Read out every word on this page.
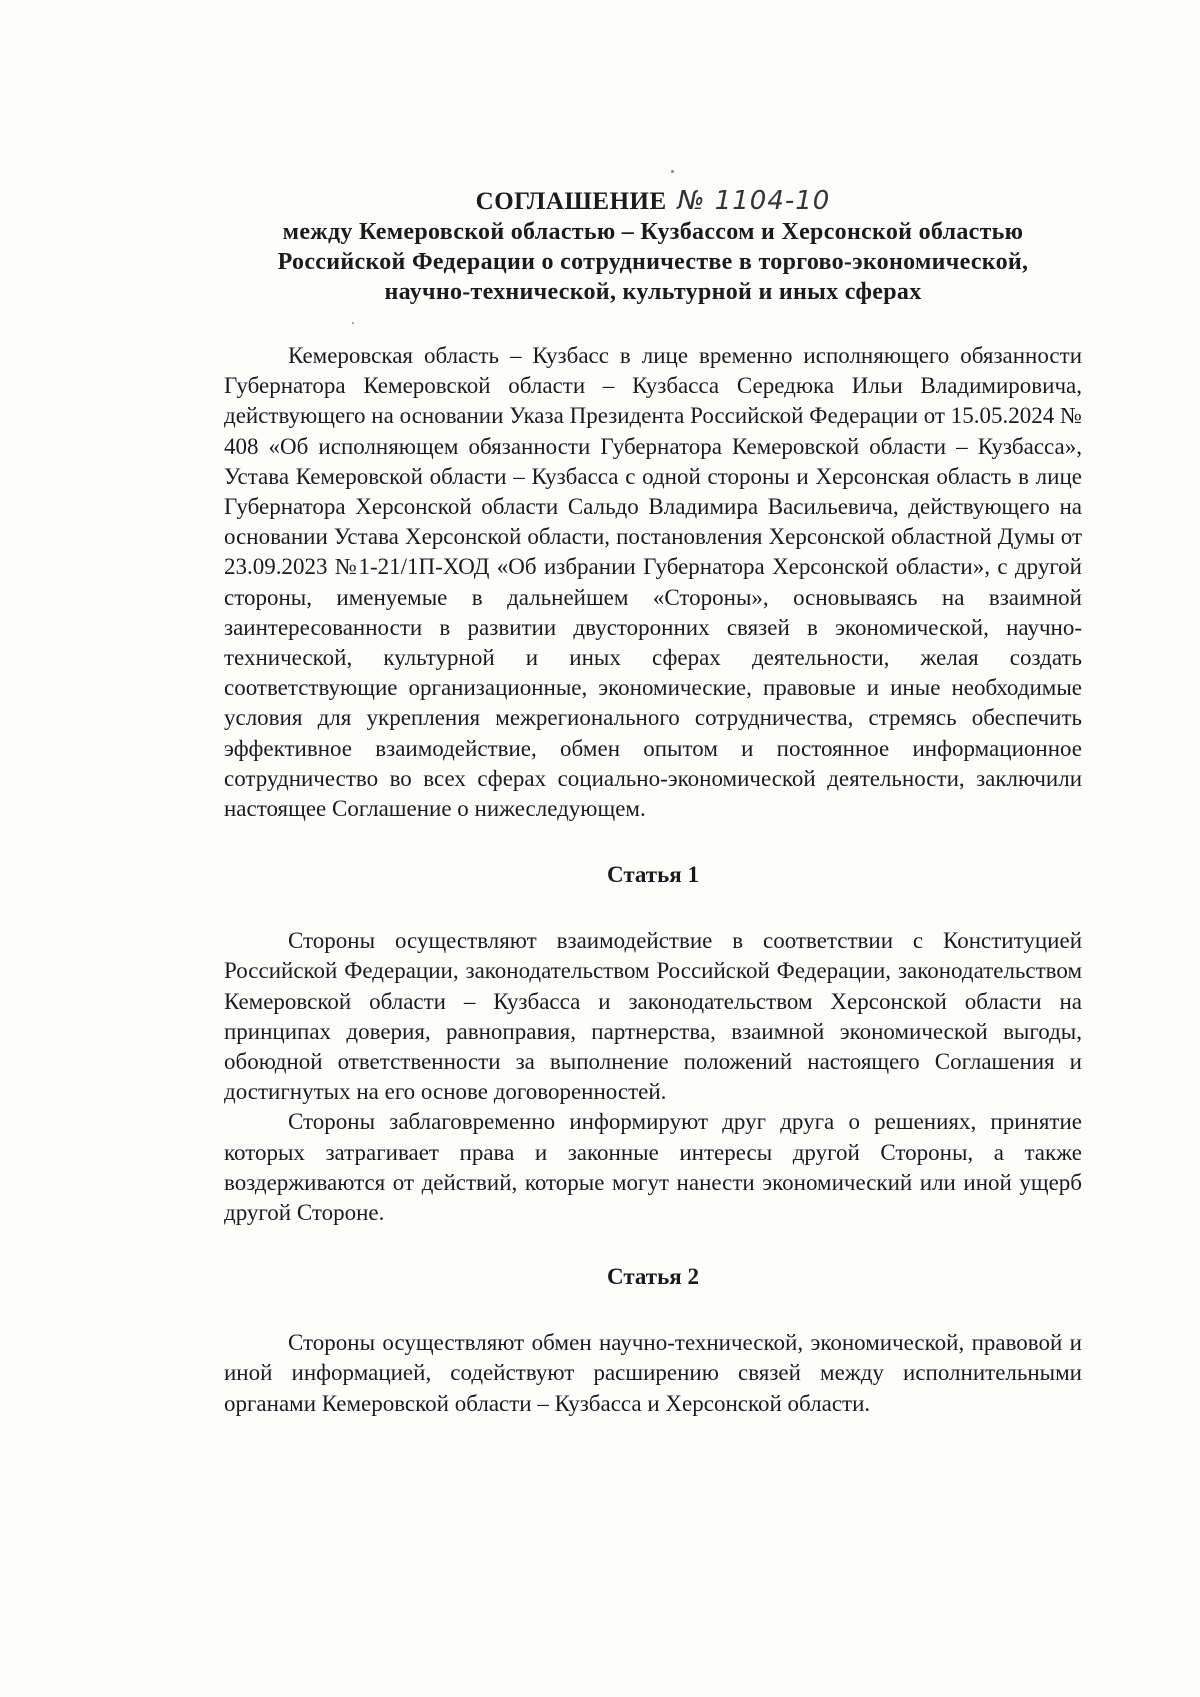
СОГЛАШЕНИЕ № 1104-10
между Кемеровской областью – Кузбассом и Херсонской областью
Российской Федерации о сотрудничестве в торгово-экономической,
научно-технической, культурной и иных сферах

Кемеровская область – Кузбасс в лице временно исполняющего обязанности Губернатора Кемеровской области – Кузбасса Середюка Ильи Владимировича, действующего на основании Указа Президента Российской Федерации от 15.05.2024 № 408 «Об исполняющем обязанности Губернатора Кемеровской области – Кузбасса», Устава Кемеровской области – Кузбасса с одной стороны и Херсонская область в лице Губернатора Херсонской области Сальдо Владимира Васильевича, действующего на основании Устава Херсонской области, постановления Херсонской областной Думы от 23.09.2023 №1-21/1П-ХОД «Об избрании Губернатора Херсонской области», с другой стороны, именуемые в дальнейшем «Стороны», основываясь на взаимной заинтересованности в развитии двусторонних связей в экономической, научно-технической, культурной и иных сферах деятельности, желая создать соответствующие организационные, экономические, правовые и иные необходимые условия для укрепления межрегионального сотрудничества, стремясь обеспечить эффективное взаимодействие, обмен опытом и постоянное информационное сотрудничество во всех сферах социально-экономической деятельности, заключили настоящее Соглашение о нижеследующем.

Статья 1

Стороны осуществляют взаимодействие в соответствии с Конституцией Российской Федерации, законодательством Российской Федерации, законодательством Кемеровской области – Кузбасса и законодательством Херсонской области на принципах доверия, равноправия, партнерства, взаимной экономической выгоды, обоюдной ответственности за выполнение положений настоящего Соглашения и достигнутых на его основе договоренностей.

Стороны заблаговременно информируют друг друга о решениях, принятие которых затрагивает права и законные интересы другой Стороны, а также воздерживаются от действий, которые могут нанести экономический или иной ущерб другой Стороне.

Статья 2

Стороны осуществляют обмен научно-технической, экономической, правовой и иной информацией, содействуют расширению связей между исполнительными органами Кемеровской области – Кузбасса и Херсонской области.
